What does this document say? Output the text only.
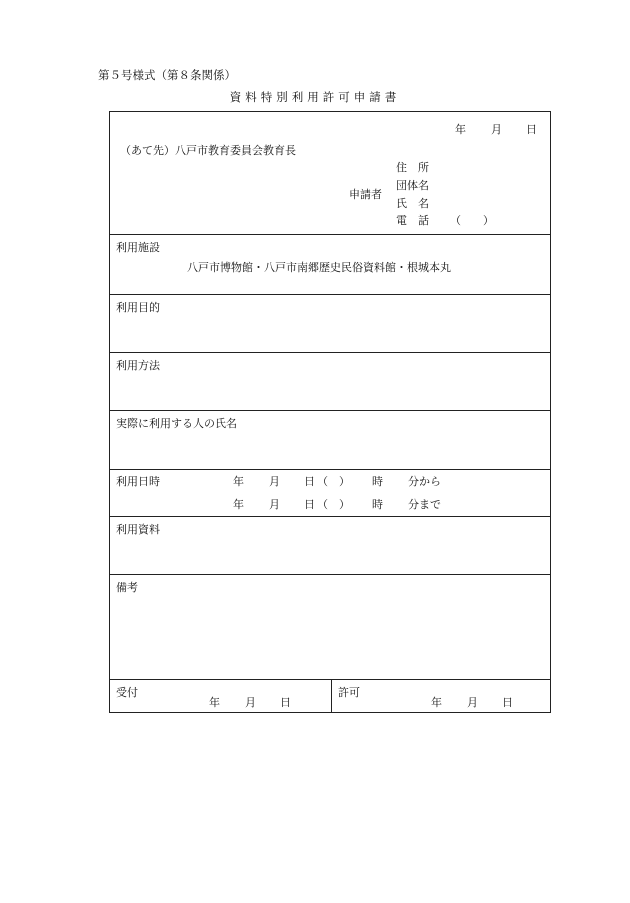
第５号様式（第８条関係）
資料特別利用許可申請書
年 月 日
（あて先）八戸市教育委員会教育長
申請者
住　所
団体名
氏　名
電　話 （　　）
利用施設
八戸市博物館・八戸市南郷歴史民俗資料館・根城本丸
利用目的
利用方法
実際に利用する人の氏名
利用日時	年 月 日 （　） 時 分から
年 月 日 （　） 時 分まで
利用資料
備考
受付
年 月 日
許可
年 月 日
